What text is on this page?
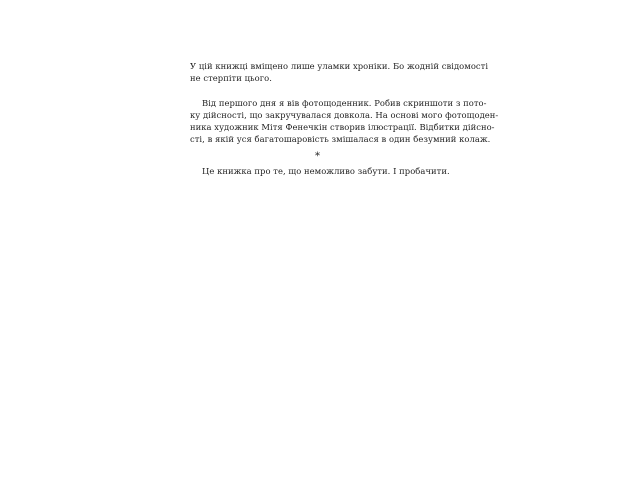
У цій книжці вміщено лише уламки хроніки. Бо жодній свідомості
не стерпіти цього.

Від першого дня я вів фотощоденник. Робив скриншоти з пото-
ку дійсності, що закручувалася довкола. На основі мого фотощоден-
ника художник Мітя Фенечкін створив ілюстрації. Відбитки дійсно-
сті, в якій уся багатошаровість змішалася в один безумний колаж.

*

Це книжка про те, що неможливо забути. І пробачити.
